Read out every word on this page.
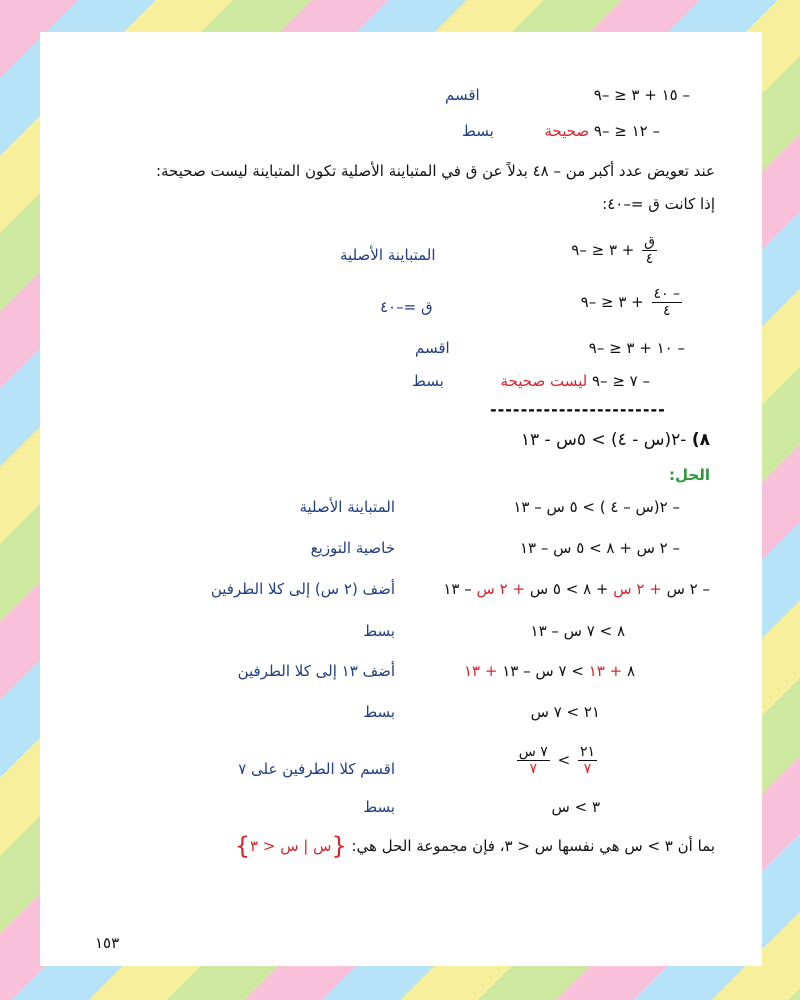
– ١٥ + ٣ ≤ –٩
اقسم
– ١٢ ≤ –٩ صحيحة
بسط
عند تعويض عدد أكبر من – ٤٨ بدلاً عن ق في المتباينة الأصلية تكون المتباينة ليست صحيحة:
إذا كانت ق =–٤٠:
$\frac{\text{ق}}{٤}$
+ ٣ ≤ –٩
المتباينة الأصلية
$\frac{- ٤٠}{٤}$
+ ٣ ≤ –٩
ق =–٤٠
– ١٠ + ٣ ≤ –٩
اقسم
– ٧ ≤ –٩ ليست صحيحة
بسط
-----------------------
٨) -٢(س - ٤) > ٥س - ١٣
الحل:
– ٢(س – ٤ ) > ٥ س – ١٣
المتباينة الأصلية
– ٢ س + ٨ > ٥ س – ١٣
خاصية التوزيع
– ٢ س + ٢ س + ٨ > ٥ س + ٢ س – ١٣
أضف (٢ س) إلى كلا الطرفين
٨ > ٧ س – ١٣
بسط
٨ + ١٣ > ٧ س – ١٣ + ١٣
أضف ١٣ إلى كلا الطرفين
٢١ > ٧ س
بسط
$\frac{٢١}{٧}$
>
$\frac{\text{٧ س}}{٧}$
اقسم كلا الطرفين على ٧
٣ > س
بسط
بما أن ٣ > س هي نفسها س < ٣، فإن مجموعة الحل هي: {س | س < ٣}
١٥٣
